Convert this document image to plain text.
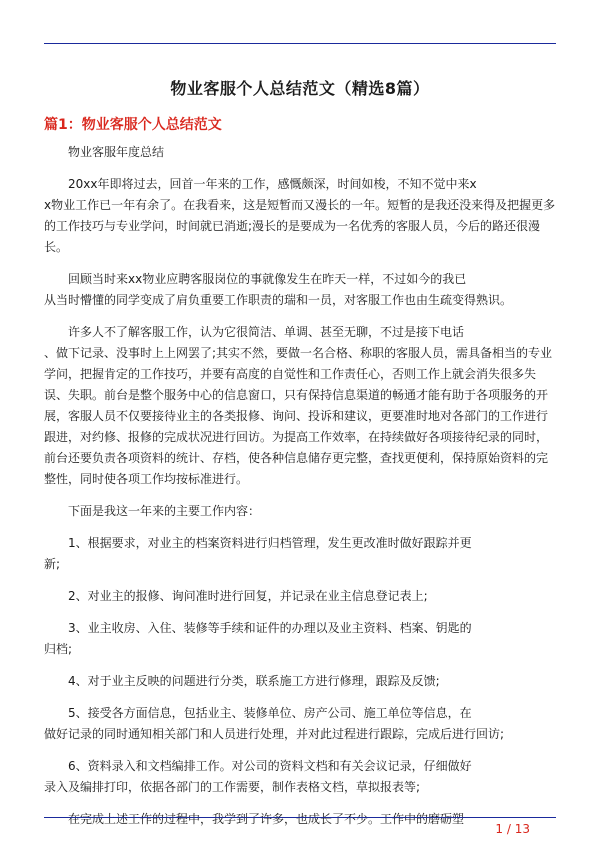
物业客服个人总结范文（精选8篇）
篇1：物业客服个人总结范文

物业客服年度总结

20xx年即将过去，回首一年来的工作，感慨颇深，时间如梭，不知不觉中来x

x物业工作已一年有余了。在我看来，这是短暂而又漫长的一年。短暂的是我还没来得及把握更多的工作技巧与专业学问，时间就已消逝;漫长的是要成为一名优秀的客服人员，今后的路还很漫长。

回顾当时来xx物业应聘客服岗位的事就像发生在昨天一样，不过如今的我已

从当时懵懂的同学变成了肩负重要工作职责的瑞和一员，对客服工作也由生疏变得熟识。

许多人不了解客服工作，认为它很简洁、单调、甚至无聊，不过是接下电话

、做下记录、没事时上上网罢了;其实不然，要做一名合格、称职的客服人员，需具备相当的专业学问，把握肯定的工作技巧，并要有高度的自觉性和工作责任心，否则工作上就会消失很多失误、失职。前台是整个服务中心的信息窗口，只有保持信息渠道的畅通才能有助于各项服务的开展，客服人员不仅要接待业主的各类报修、询问、投诉和建议，更要准时地对各部门的工作进行跟进，对约修、报修的完成状况进行回访。为提高工作效率，在持续做好各项接待纪录的同时，前台还要负责各项资料的统计、存档，使各种信息储存更完整，查找更便利，保持原始资料的完整性，同时使各项工作均按标准进行。

下面是我这一年来的主要工作内容：

1、根据要求，对业主的档案资料进行归档管理，发生更改准时做好跟踪并更

新;

2、对业主的报修、询问准时进行回复，并记录在业主信息登记表上;

3、业主收房、入住、装修等手续和证件的办理以及业主资料、档案、钥匙的

归档;

4、对于业主反映的问题进行分类，联系施工方进行修理，跟踪及反馈;

5、接受各方面信息，包括业主、装修单位、房产公司、施工单位等信息，在

做好记录的同时通知相关部门和人员进行处理，并对此过程进行跟踪，完成后进行回访;

6、资料录入和文档编排工作。对公司的资料文档和有关会议记录，仔细做好

录入及编排打印，依据各部门的工作需要，制作表格文档，草拟报表等;

在完成上述工作的过程中，我学到了许多，也成长了不少。工作中的磨砺塑

1 / 13
